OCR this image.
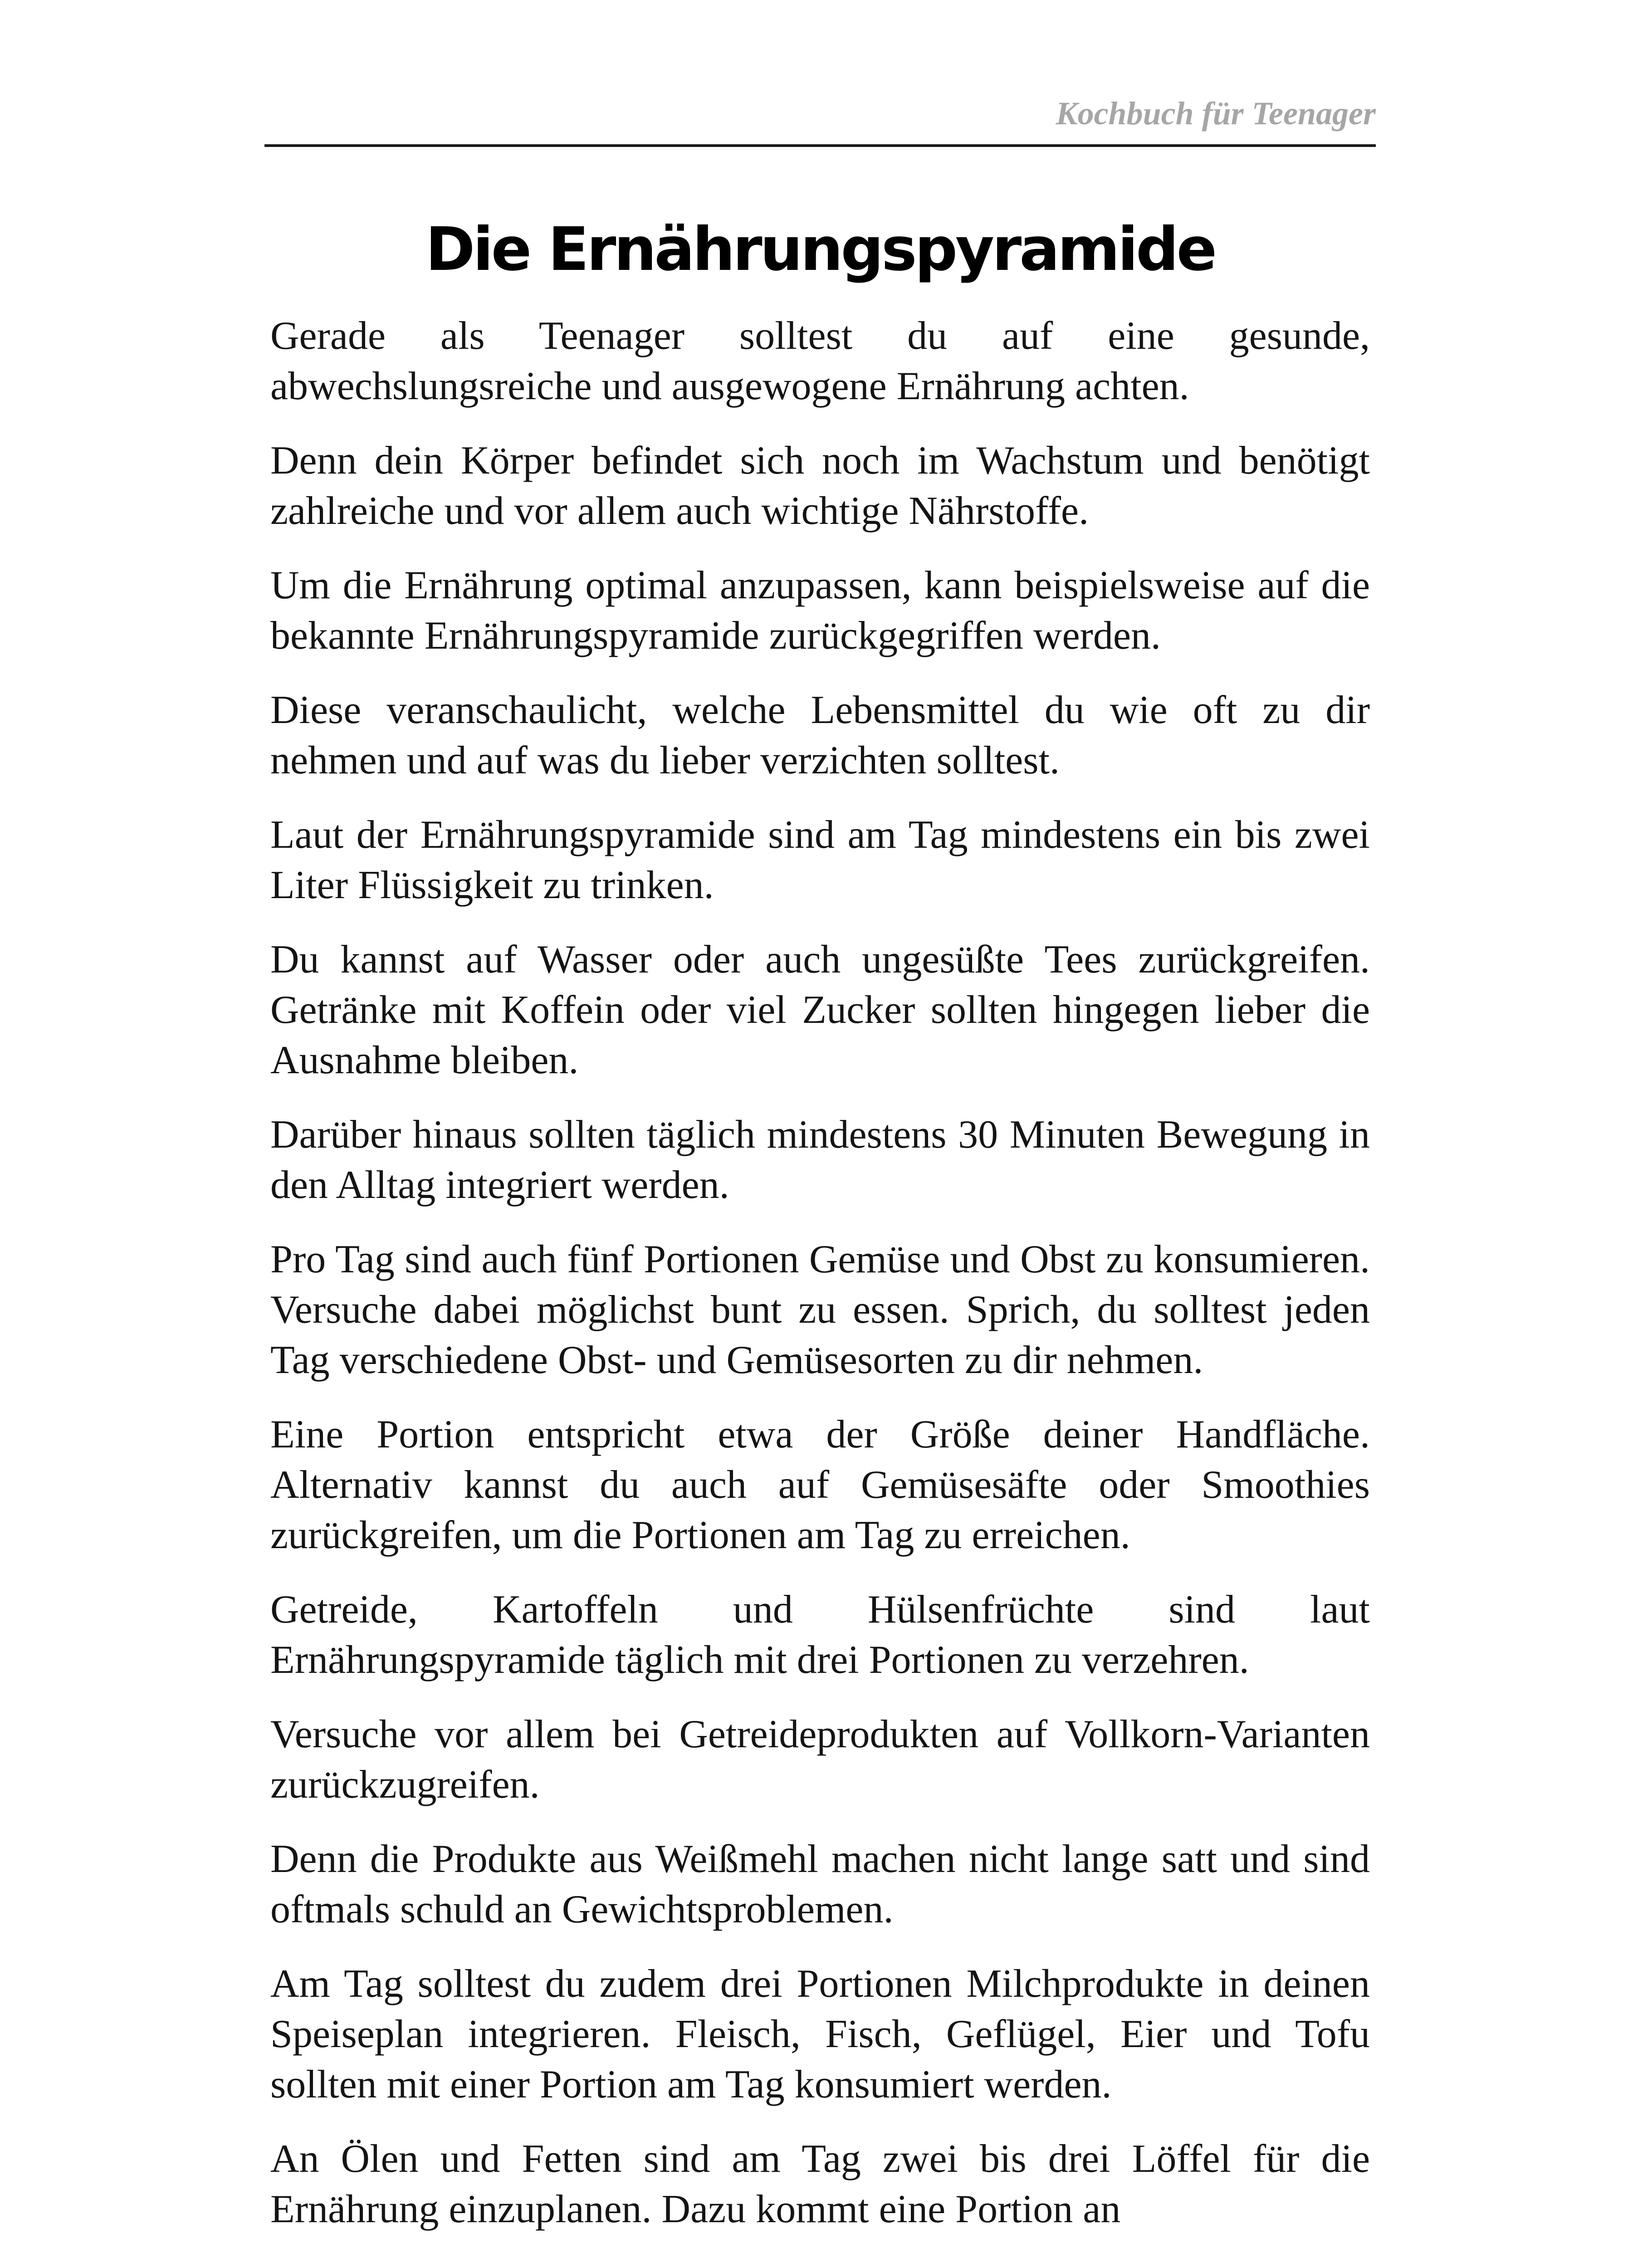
Kochbuch für Teenager
Die Ernährungspyramide

Gerade als Teenager solltest du auf eine gesunde, abwechslungsreiche und ausgewogene Ernährung achten.

Denn dein Körper befindet sich noch im Wachstum und benötigt zahlreiche und vor allem auch wichtige Nährstoffe.

Um die Ernährung optimal anzupassen, kann beispielsweise auf die bekannte Ernährungspyramide zurückgegriffen werden.

Diese veranschaulicht, welche Lebensmittel du wie oft zu dir nehmen und auf was du lieber verzichten solltest.

Laut der Ernährungspyramide sind am Tag mindestens ein bis zwei Liter Flüssigkeit zu trinken.

Du kannst auf Wasser oder auch ungesüßte Tees zurückgreifen. Getränke mit Koffein oder viel Zucker sollten hingegen lieber die Ausnahme bleiben.

Darüber hinaus sollten täglich mindestens 30 Minuten Bewegung in den Alltag integriert werden.

Pro Tag sind auch fünf Portionen Gemüse und Obst zu konsumieren. Versuche dabei möglichst bunt zu essen. Sprich, du solltest jeden Tag verschiedene Obst- und Gemüsesorten zu dir nehmen.

Eine Portion entspricht etwa der Größe deiner Handfläche. Alternativ kannst du auch auf Gemüsesäfte oder Smoothies zurückgreifen, um die Portionen am Tag zu erreichen.

Getreide, Kartoffeln und Hülsenfrüchte sind laut Ernährungspyramide täglich mit drei Portionen zu verzehren.

Versuche vor allem bei Getreideprodukten auf Vollkorn-Varianten zurückzugreifen.

Denn die Produkte aus Weißmehl machen nicht lange satt und sind oftmals schuld an Gewichtsproblemen.

Am Tag solltest du zudem drei Portionen Milchprodukte in deinen Speiseplan integrieren. Fleisch, Fisch, Geflügel, Eier und Tofu sollten mit einer Portion am Tag konsumiert werden.

An Ölen und Fetten sind am Tag zwei bis drei Löffel für die Ernährung einzuplanen. Dazu kommt eine Portion an
